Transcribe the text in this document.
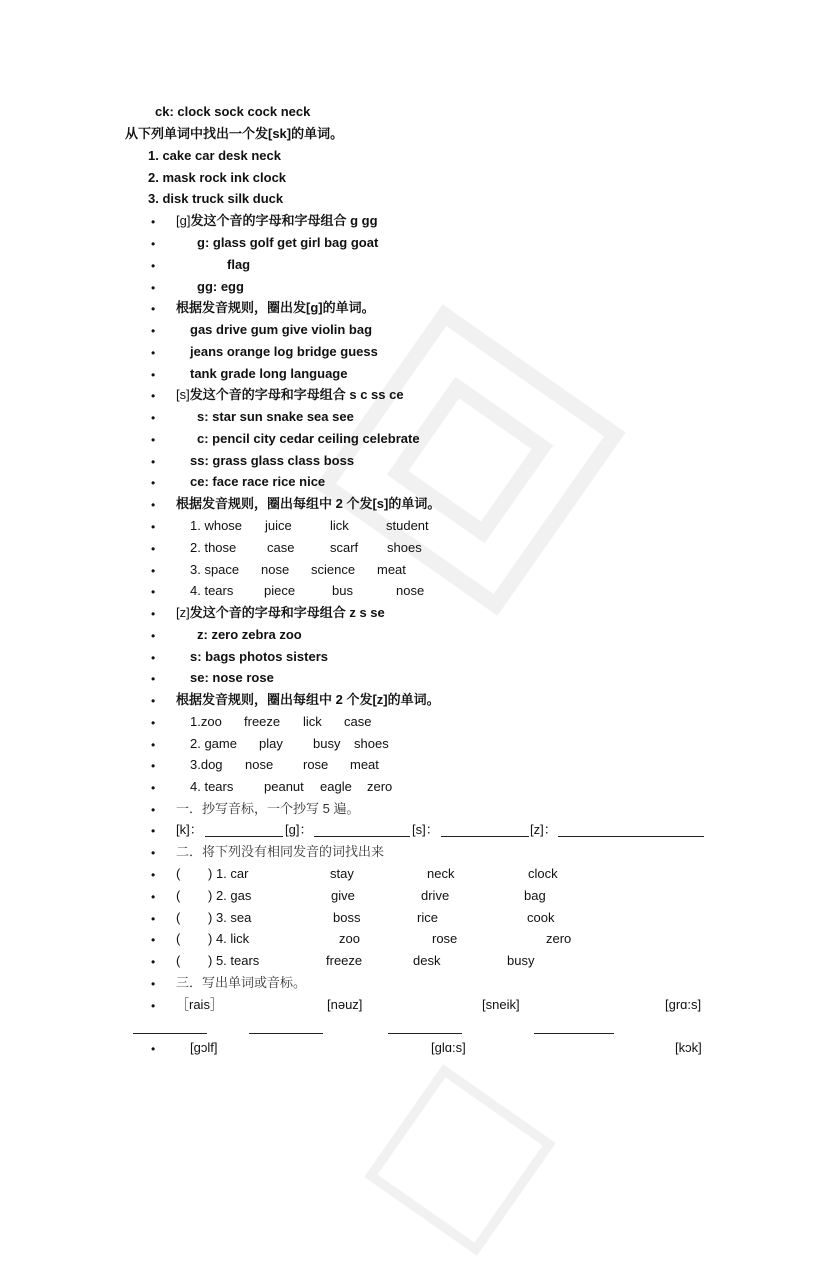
ck: clock sock cock neck
从下列单词中找出一个发[sk]的单词。
1. cake car desk neck
2. mask rock ink clock
3. disk truck silk duck
• [g]发这个音的字母和字母组合 g gg
•	g: glass golf get girl bag goat
•	flag
•	gg: egg
• 根据发音规则，圈出发[g]的单词。
•	gas drive gum give violin bag
•	jeans orange log bridge guess
•	tank grade long language
• [s]发这个音的字母和字母组合 s c ss ce
•	s: star sun snake sea see
•	c: pencil city cedar ceiling celebrate
•	ss: grass glass class boss
•	ce: face race rice nice
• 根据发音规则，圈出每组中 2 个发[s]的单词。
•	1. whose juice	lick	student
•	2. those case	scarf shoes
•	3. space nose science meat
•	4. tears piece	bus	nose
• [z]发这个音的字母和字母组合 z s se
•	z: zero zebra zoo
•	s: bags photos sisters
•	se: nose rose
• 根据发音规则，圈出每组中 2 个发[z]的单词。
•	1.zoo freeze lick case
•	2. game play busy shoes
•	3.dog nose rose meat
•	4. tears peanut eagle zero
• 一．抄写音标，一个抄写 5 遍。
• [k]：	[g]：	[s]：	[z]：
• 二．将下列没有相同发音的词找出来
• ( ) 1. car	stay	neck	clock
• ( ) 2. gas	give	drive	bag
• ( ) 3. sea	boss	rice	cook
• ( ) 4. lick	zoo	rose	zero
• ( ) 5. tears	freeze	desk	busy
• 三．写出单词或音标。
• ［rais］	[nəuz]	[sneik]	[grɑ:s]
•	[gɔlf]	[glɑ:s]	[kɔk]
